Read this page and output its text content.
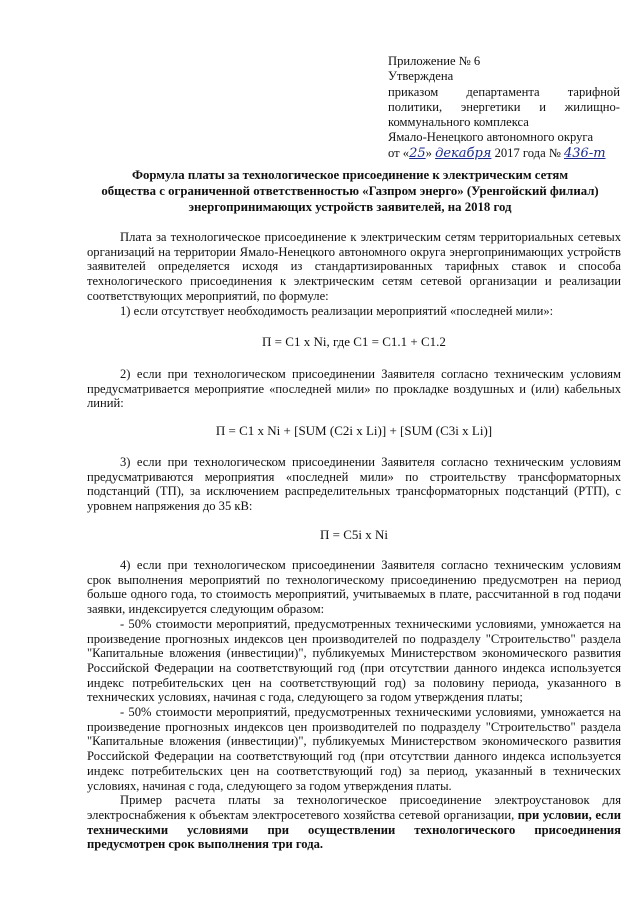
Приложение № 6
Утверждена
приказом департамента тарифной
политики, энергетики и жилищно-
коммунального комплекса
Ямало-Ненецкого автономного округа
от «25» декабря 2017 года № 436-т
Формула платы за технологическое присоединение к электрическим сетям
общества с ограниченной ответственностью «Газпром энерго» (Уренгойский филиал)
энергопринимающих устройств заявителей, на 2018 год

Плата за технологическое присоединение к электрическим сетям территориальных сетевых организаций на территории Ямало-Ненецкого автономного округа энергопринимающих устройств заявителей определяется исходя из стандартизированных тарифных ставок и способа технологического присоединения к электрическим сетям сетевой организации и реализации соответствующих мероприятий, по формуле:

1) если отсутствует необходимость реализации мероприятий «последней мили»:

П = С1 х Ni, где С1 = С1.1 + С1.2

2) если при технологическом присоединении Заявителя согласно техническим условиям предусматривается мероприятие «последней мили» по прокладке воздушных и (или) кабельных линий:

П = С1 х Ni + [SUM (C2i x Li)] + [SUM (C3i x Li)]

3) если при технологическом присоединении Заявителя согласно техническим условиям предусматриваются мероприятия «последней мили» по строительству трансформаторных подстанций (ТП), за исключением распределительных трансформаторных подстанций (РТП), с уровнем напряжения до 35 кВ:

П = С5i x Ni

4) если при технологическом присоединении Заявителя согласно техническим условиям срок выполнения мероприятий по технологическому присоединению предусмотрен на период больше одного года, то стоимость мероприятий, учитываемых в плате, рассчитанной в год подачи заявки, индексируется следующим образом:

- 50% стоимости мероприятий, предусмотренных техническими условиями, умножается на произведение прогнозных индексов цен производителей по подразделу "Строительство" раздела "Капитальные вложения (инвестиции)", публикуемых Министерством экономического развития Российской Федерации на соответствующий год (при отсутствии данного индекса используется индекс потребительских цен на соответствующий год) за половину периода, указанного в технических условиях, начиная с года, следующего за годом утверждения платы;

- 50% стоимости мероприятий, предусмотренных техническими условиями, умножается на произведение прогнозных индексов цен производителей по подразделу "Строительство" раздела "Капитальные вложения (инвестиции)", публикуемых Министерством экономического развития Российской Федерации на соответствующий год (при отсутствии данного индекса используется индекс потребительских цен на соответствующий год) за период, указанный в технических условиях, начиная с года, следующего за годом утверждения платы.

Пример расчета платы за технологическое присоединение электроустановок для электроснабжения к объектам электросетевого хозяйства сетевой организации, при условии, если техническими условиями при осуществлении технологического присоединения предусмотрен срок выполнения три года.
